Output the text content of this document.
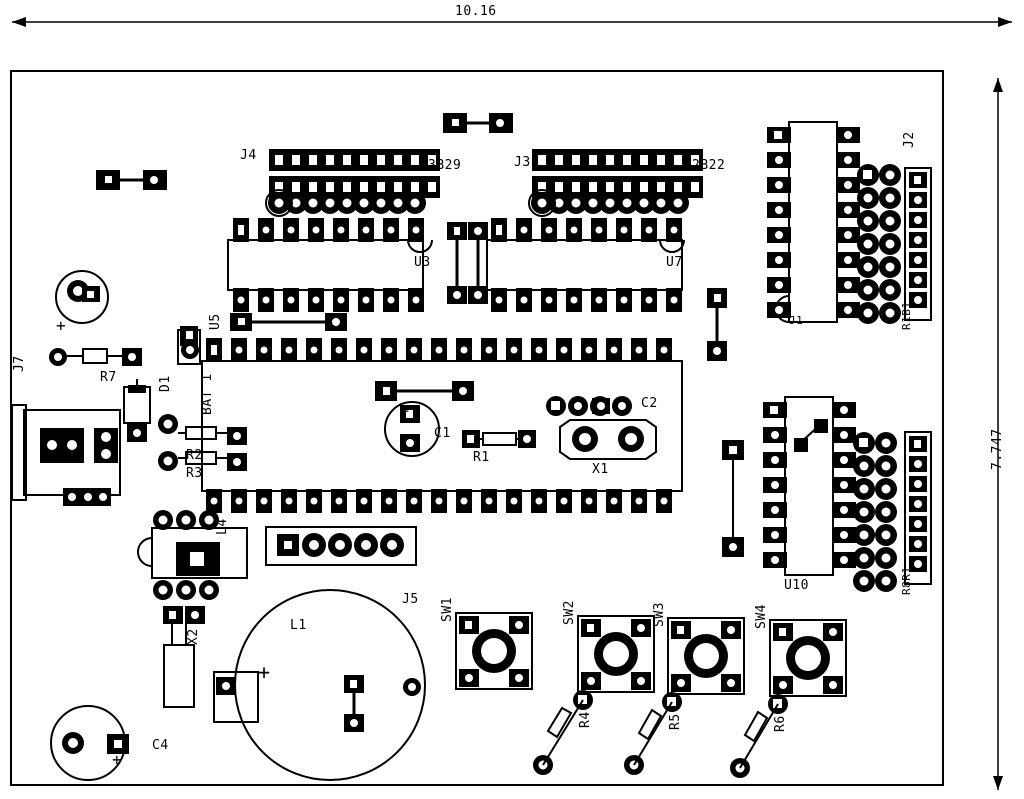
10.16
7.747
J4	J3
3B29	2B22
J2
U3	U7
U10
J1
U5
BAT 1
L4
D1
X2
X1
R7
R1
R2
R3
R4	R5	R6
R1B1
R8R1
C1
C2
C4
SW1	SW2	SW3	SW4
L1
J5
J7
+
+
+
+
